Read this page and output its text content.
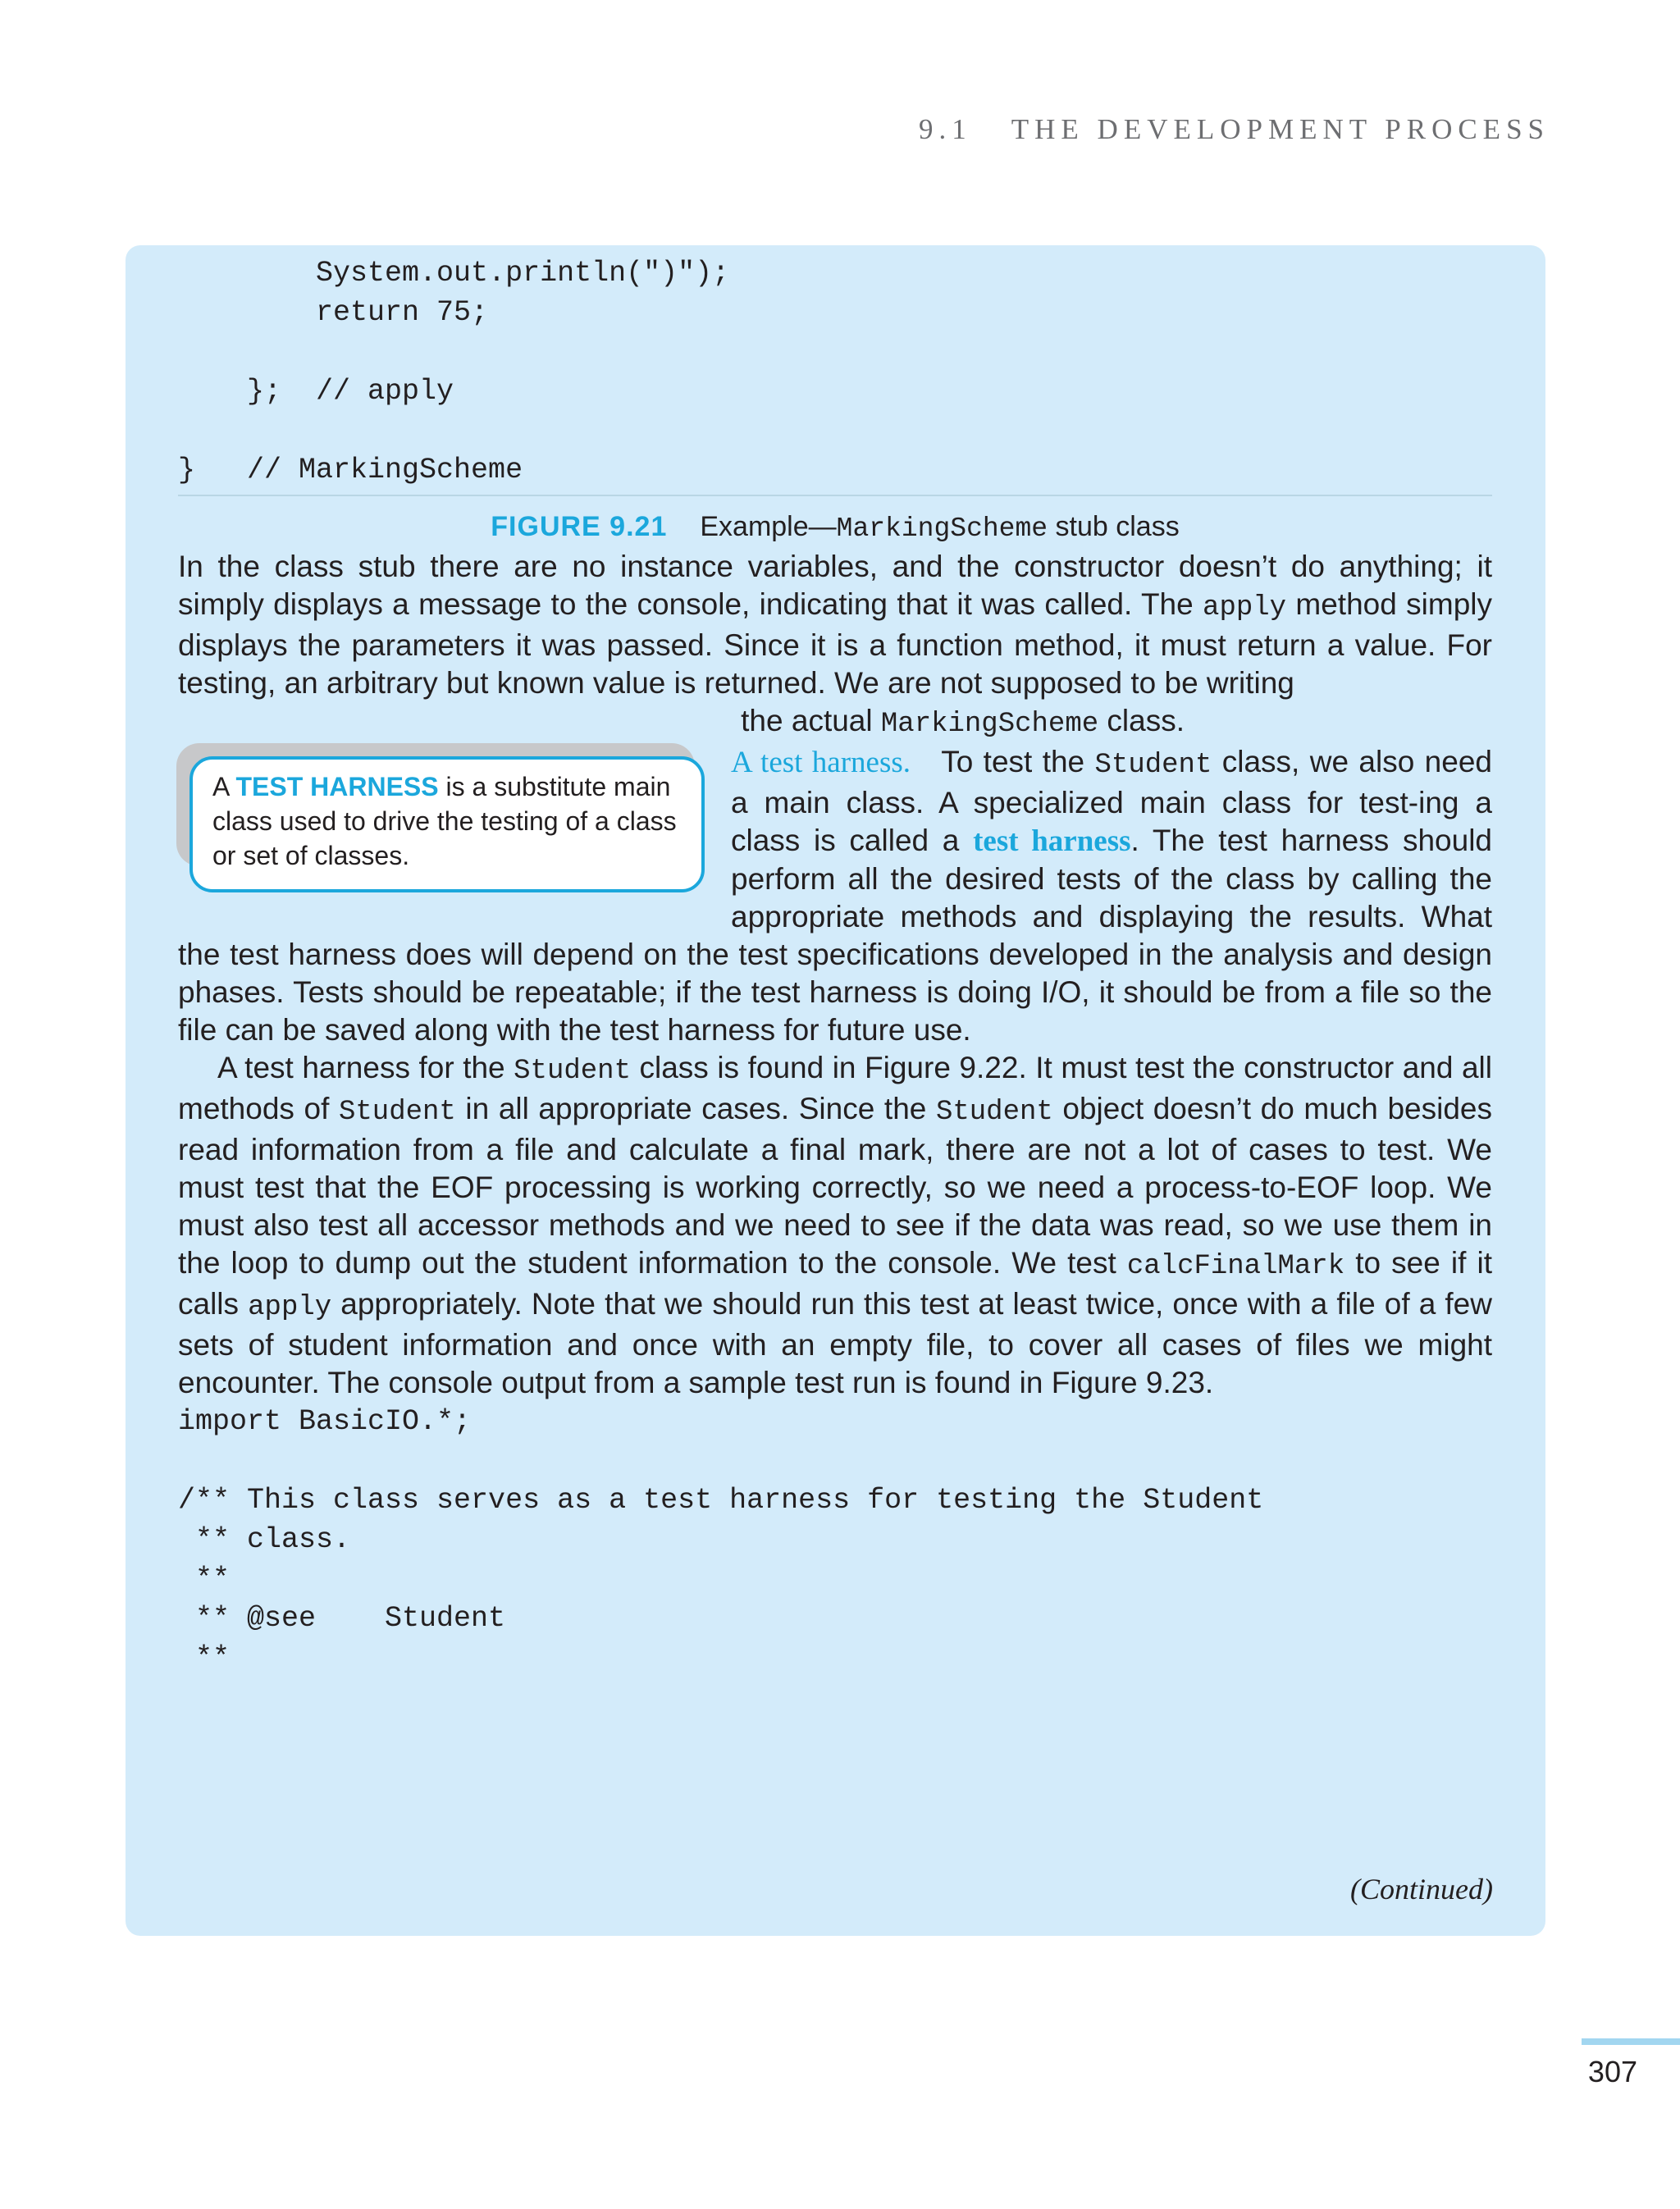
9.1 THE DEVELOPMENT PROCESS

System.out.println(")");
return 75;

};  // apply

}   // MarkingScheme

FIGURE 9.21 Example—MarkingScheme stub class

In the class stub there are no instance variables, and the constructor doesn’t do anything; it simply displays a message to the console, indicating that it was called. The apply method simply displays the parameters it was passed. Since it is a function method, it must return a value. For testing, an arbitrary but known value is returned. We are not supposed to be writing
the actual MarkingScheme class.

A TEST HARNESS is a substitute main class used to drive the testing of a class or set of classes.

A test harness. To test the Student class, we also need a main class. A specialized main class for test-ing a class is called a test harness. The test harness should perform all the desired tests of the class by calling the appropriate methods and displaying the results. What the test harness does will depend on the test specifications developed in the analysis and design phases. Tests should be repeatable; if the test harness is doing I/O, it should be from a file so the file can be saved along with the test harness for future use.

A test harness for the Student class is found in Figure 9.22. It must test the constructor and all methods of Student in all appropriate cases. Since the Student object doesn’t do much besides read information from a file and calculate a final mark, there are not a lot of cases to test. We must test that the EOF processing is working correctly, so we need a process-to-EOF loop. We must also test all accessor methods and we need to see if the data was read, so we use them in the loop to dump out the student information to the console. We test calcFinalMark to see if it calls apply appropriately. Note that we should run this test at least twice, once with a file of a few sets of student information and once with an empty file, to cover all cases of files we might encounter. The console output from a sample test run is found in Figure 9.23.

import BasicIO.*;

/** This class serves as a test harness for testing the Student
** class.
**
** @see    Student
**

(Continued)

307
